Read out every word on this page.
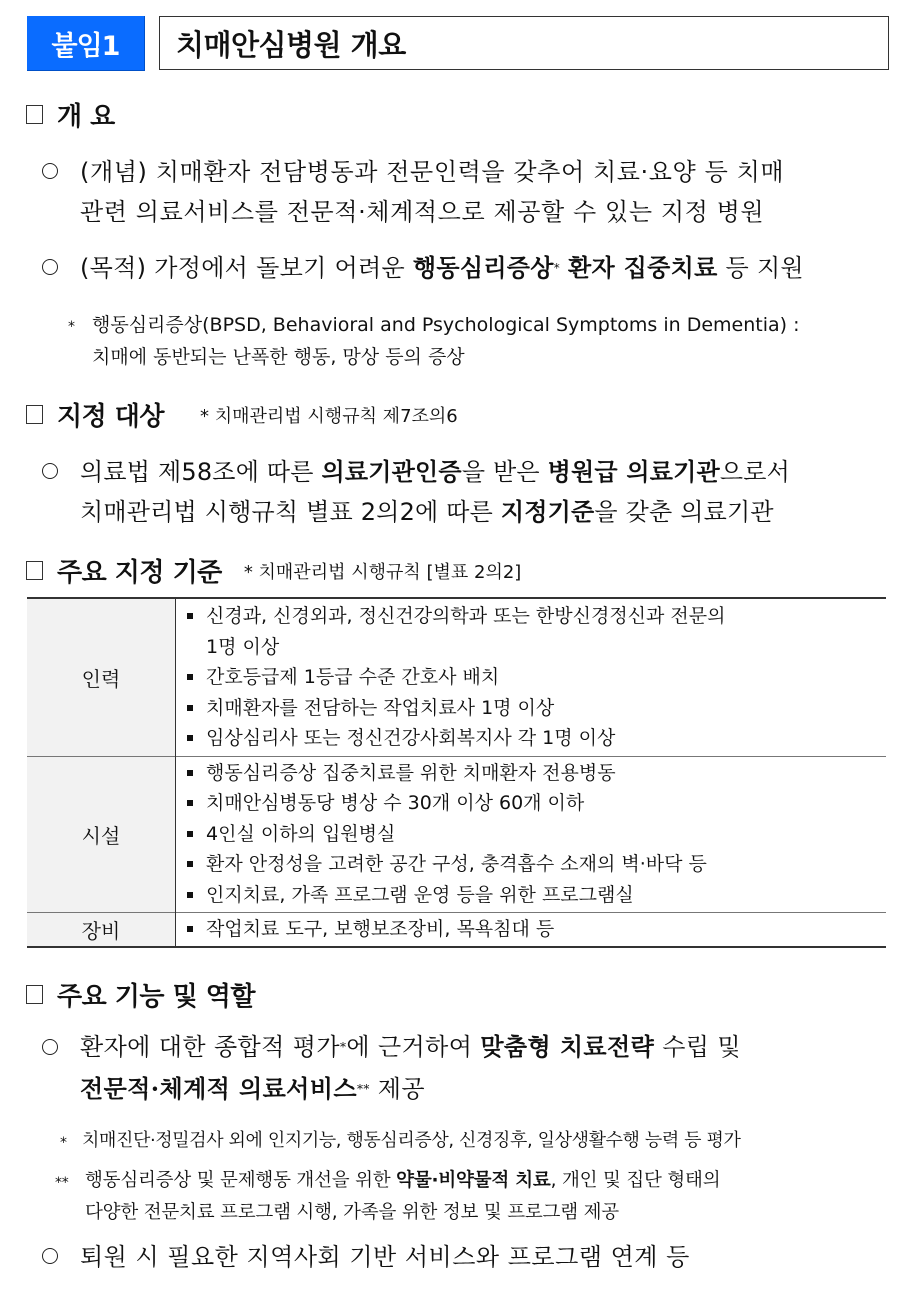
붙임1	치매안심병원 개요
개 요
(개념) 치매환자 전담병동과 전문인력을 갖추어 치료·요양 등 치매
관련 의료서비스를 전문적·체계적으로 제공할 수 있는 지정 병원
(목적) 가정에서 돌보기 어려운 행동심리증상* 환자 집중치료 등 지원
* 행동심리증상(BPSD, Behavioral and Psychological Symptoms in Dementia) :
치매에 동반되는 난폭한 행동, 망상 등의 증상
지정 대상 * 치매관리법 시행규칙 제7조의6
의료법 제58조에 따른 의료기관인증을 받은 병원급 의료기관으로서
치매관리법 시행규칙 별표 2의2에 따른 지정기준을 갖춘 의료기관
주요 지정 기준 * 치매관리법 시행규칙 [별표 2의2]
인력	신경과, 신경외과, 정신건강의학과 또는 한방신경정신과 전문의
1명 이상
간호등급제 1등급 수준 간호사 배치
치매환자를 전담하는 작업치료사 1명 이상
임상심리사 또는 정신건강사회복지사 각 1명 이상

시설	행동심리증상 집중치료를 위한 치매환자 전용병동
치매안심병동당 병상 수 30개 이상 60개 이하
4인실 이하의 입원병실
환자 안정성을 고려한 공간 구성, 충격흡수 소재의 벽·바닥 등
인지치료, 가족 프로그램 운영 등을 위한 프로그램실

장비	작업치료 도구, 보행보조장비, 목욕침대 등
주요 기능 및 역할
환자에 대한 종합적 평가*에 근거하여 맞춤형 치료전략 수립 및
전문적·체계적 의료서비스** 제공
* 치매진단·정밀검사 외에 인지기능, 행동심리증상, 신경징후, 일상생활수행 능력 등 평가
** 행동심리증상 및 문제행동 개선을 위한 약물·비약물적 치료, 개인 및 집단 형태의
다양한 전문치료 프로그램 시행, 가족을 위한 정보 및 프로그램 제공
퇴원 시 필요한 지역사회 기반 서비스와 프로그램 연계 등
